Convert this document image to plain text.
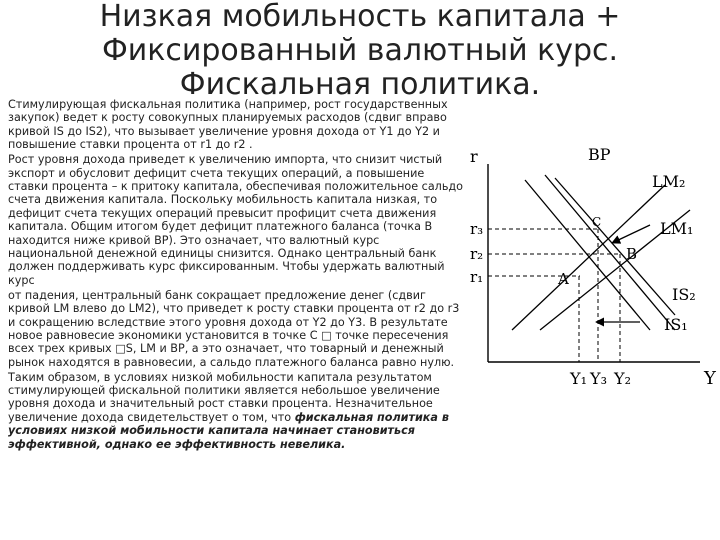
Низкая мобильность капитала +
Фиксированный валютный курс.
Фискальная политика.

Стимулирующая фискальная политика (например, рост государственных закупок) ведет к росту совокупных планируемых расходов (сдвиг вправо кривой IS до IS2), что вызывает увеличение уровня дохода от Y1 до Y2 и повышение ставки процента от r1 до r2 .

Рост уровня дохода приведет к увеличению импорта, что снизит чистый экспорт и обусловит дефицит счета текущих операций, а повышение ставки процента – к притоку капитала, обеспечивая положительное сальдо счета движения капитала. Поскольку мобильность капитала низкая, то дефицит счета текущих операций превысит профицит счета движения капитала. Общим итогом будет дефицит платежного баланса (точка B находится ниже кривой BP). Это означает, что валютный курс национальной денежной единицы снизится. Однако центральный банк должен поддерживать курс фиксированным. Чтобы удержать валютный курс

от падения, центральный банк сокращает предложение денег (сдвиг кривой LM влево до LM2), что приведет к росту ставки процента от r2 до r3 и сокращению вследствие этого уровня дохода от Y2 до Y3. В результате новое равновесие экономики установится в точке C □ точке пересечения всех трех кривых □S, LM и BP, а это означает, что товарный и денежный рынок находятся в равновесии, а сальдо платежного баланса равно нулю.

Таким образом, в условиях низкой мобильности капитала результатом стимулирующей фискальной политики является небольшое увеличение уровня дохода и значительный рост ставки процента. Незначительное увеличение дохода свидетельствует о том, что фискальная политика в условиях низкой мобильности капитала начинает становиться эффективной, однако ее эффективность невелика.

r
Y
BP
LM₂
LM₁
IS₂
IS₁
r₃
r₂
r₁
Y₁ Y₃ Y₂
A
B
C
